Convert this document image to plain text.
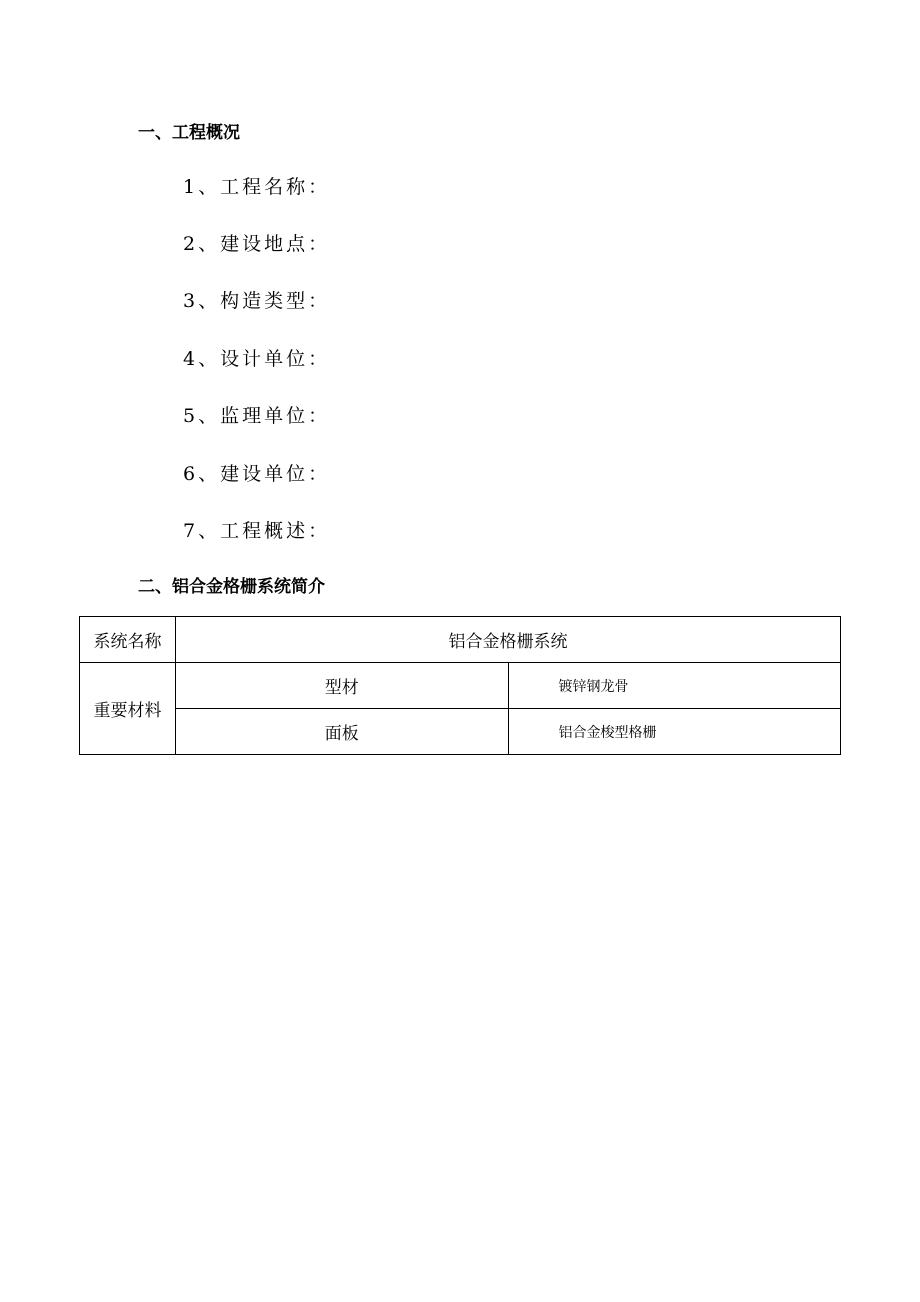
一、工程概况
1、工程名称：
2、建设地点：
3、构造类型：
4、设计单位：
5、监理单位：
6、建设单位：
7、工程概述：
二、铝合金格栅系统简介
系统名称	铝合金格栅系统	
重要材料	型材	镀锌钢龙骨
	面板	铝合金梭型格栅
